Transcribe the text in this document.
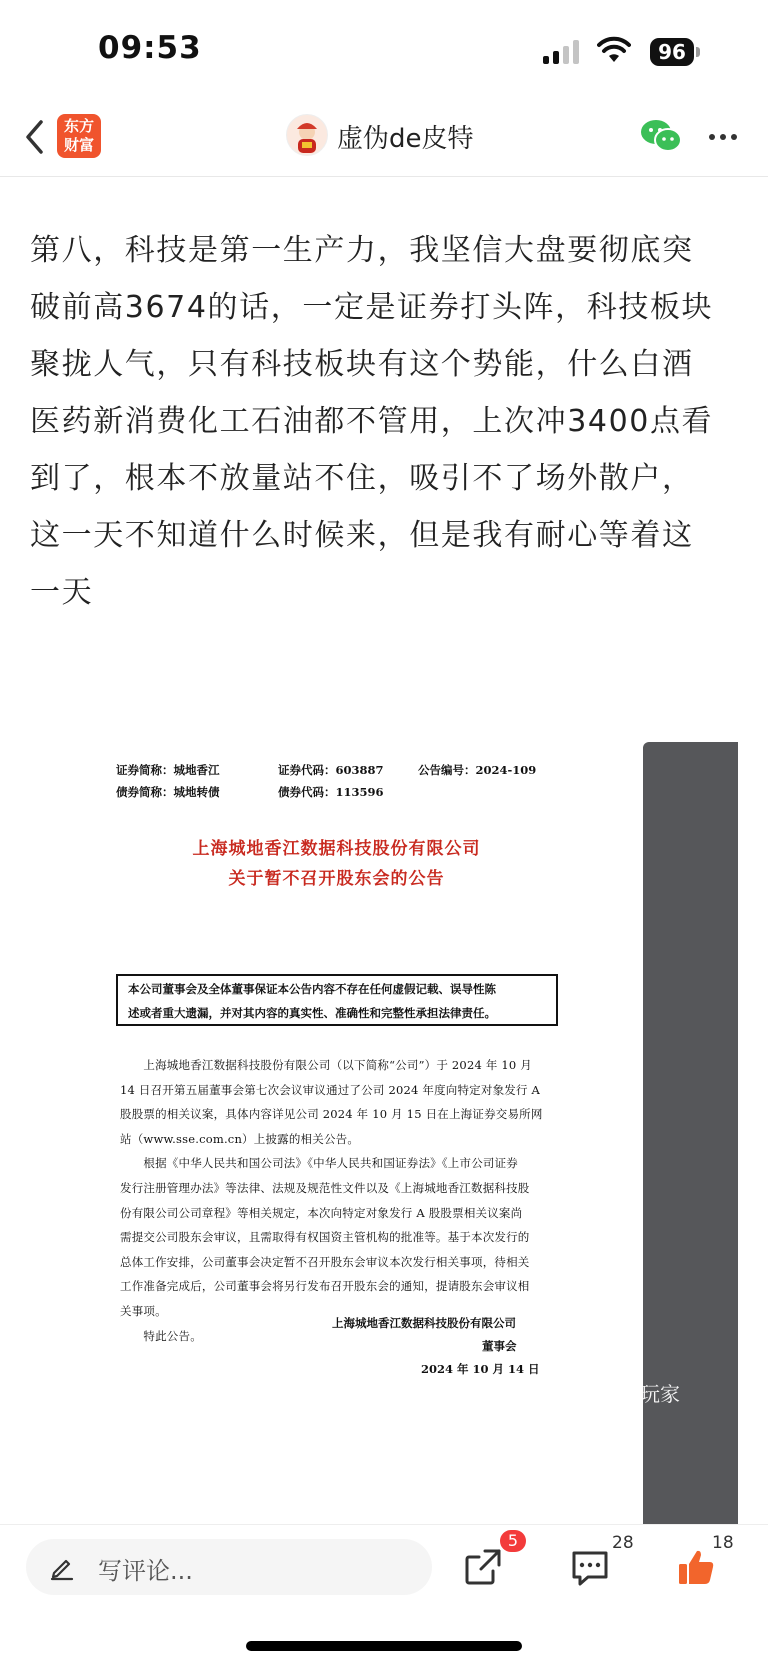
09:53	96
东方
财富	虚伪de皮特
第八，科技是第一生产力，我坚信大盘要彻底突
破前高3674的话，一定是证券打头阵，科技板块
聚拢人气，只有科技板块有这个势能，什么白酒
医药新消费化工石油都不管用，上次冲3400点看
到了，根本不放量站不住，吸引不了场外散户，
这一天不知道什么时候来，但是我有耐心等着这
一天
证券简称：城地香江	证券代码：603887	公告编号：2024-109
债券简称：城地转债	债券代码：113596
上海城地香江数据科技股份有限公司
关于暂不召开股东会的公告
本公司董事会及全体董事保证本公告内容不存在任何虚假记载、误导性陈
述或者重大遗漏，并对其内容的真实性、准确性和完整性承担法律责任。
　　上海城地香江数据科技股份有限公司（以下简称“公司”）于 2024 年 10 月
14 日召开第五届董事会第七次会议审议通过了公司 2024 年度向特定对象发行 A
股股票的相关议案，具体内容详见公司 2024 年 10 月 15 日在上海证券交易所网
站（www.sse.com.cn）上披露的相关公告。
　　根据《中华人民共和国公司法》《中华人民共和国证券法》《上市公司证券
发行注册管理办法》等法律、法规及规范性文件以及《上海城地香江数据科技股
份有限公司公司章程》等相关规定，本次向特定对象发行 A 股股票相关议案尚
需提交公司股东会审议，且需取得有权国资主管机构的批准等。基于本次发行的
总体工作安排，公司董事会决定暂不召开股东会审议本次发行相关事项，待相关
工作准备完成后，公司董事会将另行发布召开股东会的通知，提请股东会审议相
关事项。
　　特此公告。
上海城地香江数据科技股份有限公司
董事会
2024 年 10 月 14 日
雪球：逻辑玩家
写评论...
5	28	18
